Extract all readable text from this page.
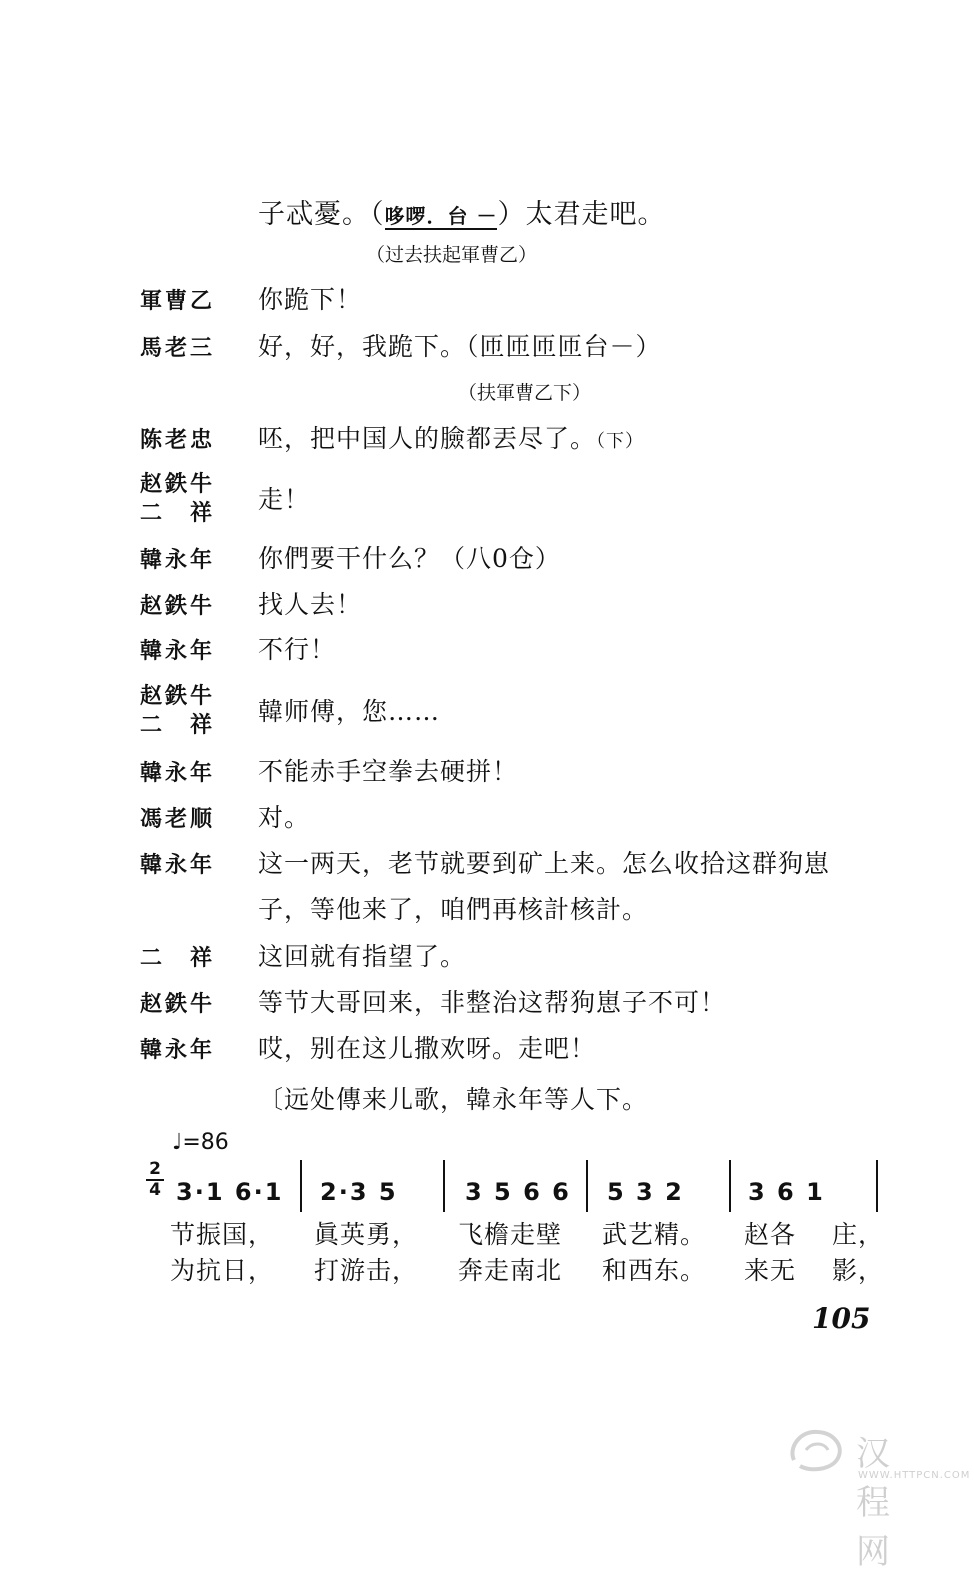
子忒憂。（哆啰．台 －）太君走吧。
（过去扶起軍曹乙）
軍曹乙 你跪下！
馬老三 好，好，我跪下。（匝匝匝匝台－）
（扶軍曹乙下）
陈老忠 呸，把中国人的臉都丟尽了。（下）
赵鉄牛
二　祥 走！
韓永年 你們要干什么？（八0仓）
赵鉄牛 找人去！
韓永年 不行！
赵鉄牛
二　祥 韓师傅，您……
韓永年 不能赤手空拳去硬拼！
馮老顺 对。
韓永年 这一两天，老节就要到矿上来。怎么收拾这群狗崽
子，等他来了，咱們再核計核計。
二　祥 这回就有指望了。
赵鉄牛 等节大哥回来，非整治这帮狗崽子不可！
韓永年 哎，别在这儿撒欢呀。走吧！
〔远处傳来儿歌，韓永年等人下。
♩=86
2
4 3·1 6·1 2·3 5	3 5 6 6 5 3 2	3 6 1
节振国， 眞英勇， 飞檐走壁 武艺精。 赵各 庄，
为抗日， 打游击， 奔走南北 和西东。 来无 影，
105
汉程网
WWW.HTTPCN.COM
